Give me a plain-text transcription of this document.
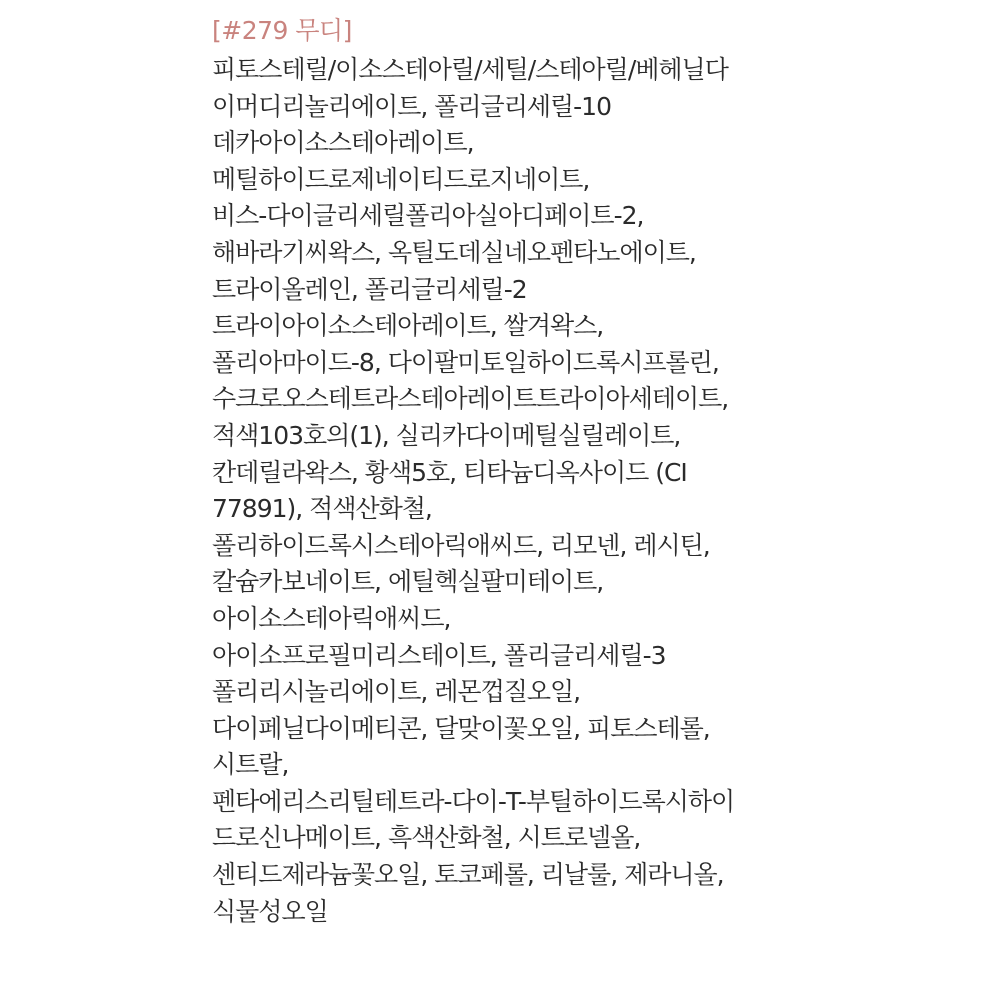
[#279 무디]
피토스테릴/이소스테아릴/세틸/스테아릴/베헤닐다
이머디리놀리에이트, 폴리글리세릴-10
데카아이소스테아레이트,
메틸하이드로제네이티드로지네이트,
비스-다이글리세릴폴리아실아디페이트-2,
해바라기씨왁스, 옥틸도데실네오펜타노에이트,
트라이올레인, 폴리글리세릴-2
트라이아이소스테아레이트, 쌀겨왁스,
폴리아마이드-8, 다이팔미토일하이드록시프롤린,
수크로오스테트라스테아레이트트라이아세테이트,
적색103호의(1), 실리카다이메틸실릴레이트,
칸데릴라왁스, 황색5호, 티타늄디옥사이드 (CI
77891), 적색산화철,
폴리하이드록시스테아릭애씨드, 리모넨, 레시틴,
칼슘카보네이트, 에틸헥실팔미테이트,
아이소스테아릭애씨드,
아이소프로필미리스테이트, 폴리글리세릴-3
폴리리시놀리에이트, 레몬껍질오일,
다이페닐다이메티콘, 달맞이꽃오일, 피토스테롤,
시트랄,
펜타에리스리틸테트라-다이-T-부틸하이드록시하이
드로신나메이트, 흑색산화철, 시트로넬올,
센티드제라늄꽃오일, 토코페롤, 리날룰, 제라니올,
식물성오일
